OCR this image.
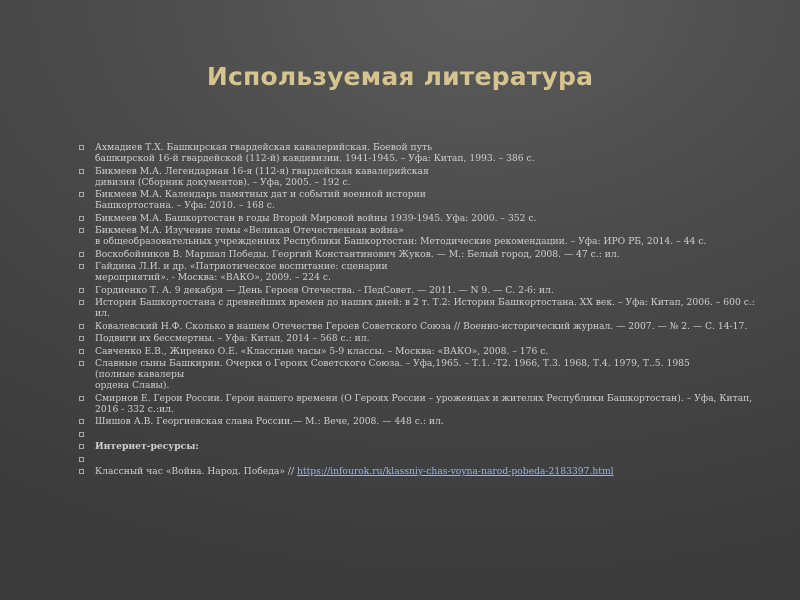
Используемая литература
Ахмадиев Т.Х. Башкирская гвардейская кавалерийская. Боевой путь
башкирской 16-й гвардейской (112-й) кавдивизии. 1941-1945. – Уфа: Китап, 1993. – 386 с.
Бикмеев М.А. Легендарная 16-я (112-я) гвардейская кавалерийская
дивизия (Сборник документов). – Уфа, 2005. – 192 с.
Бикмеев М.А. Календарь памятных дат и событий военной истории
Башкортостана. – Уфа: 2010. – 168 с.
Бикмеев М.А. Башкортостан в годы Второй Мировой войны 1939-1945. Уфа: 2000. – 352 с.
Бикмеев М.А. Изучение темы «Великая Отечественная война»
в общеобразовательных учреждениях Республики Башкортостан: Методические рекомендации. – Уфа: ИРО РБ, 2014. – 44 с.
Воскобойников В. Маршал Победы. Георгий Константинович Жуков. — М.: Белый город, 2008. — 47 с.: ил.
Гайдина Л.И. и др. «Патриотическое воспитание: сценарии
мероприятий». - Москва: «ВАКО», 2009. – 224 с.
Гордиенко Т. А. 9 декабря — День Героев Отечества. - ПедСовет. — 2011. — N 9. — С. 2-6: ил.
История Башкортостана с древнейших времен до наших дней: в 2 т. Т.2: История Башкортостана. XX век. – Уфа: Китап, 2006. – 600 с.: ил.
Ковалевский Н.Ф. Сколько в нашем Отечестве Героев Советского Союза // Военно-исторический журнал. — 2007. — № 2. — С. 14-17.
Подвиги их бессмертны. – Уфа: Китап, 2014 – 568 с.: ил.
Савченко Е.В., Жиренко О.Е. «Классные часы» 5-9 классы. – Москва: «ВАКО», 2008. – 176 с.
Славные сыны Башкирии. Очерки о Героях Советского Союза. – Уфа,1965. – Т.1. -Т2. 1966, Т.3. 1968, Т.4. 1979, Т..5. 1985
(полные кавалеры
ордена Славы).
Смирнов Е. Герои России. Герои нашего времени (О Героях России – уроженцах и жителях Республики Башкортостан). – Уфа, Китап, 2016 - 332 с.:ил.
Шишов А.В. Георгиевская слава России.— М.: Вече, 2008. — 448 с.: ил.
Интернет-ресурсы:
Классный час «Война. Народ. Победа» // https://infourok.ru/klassniy-chas-voyna-narod-pobeda-2183397.html
